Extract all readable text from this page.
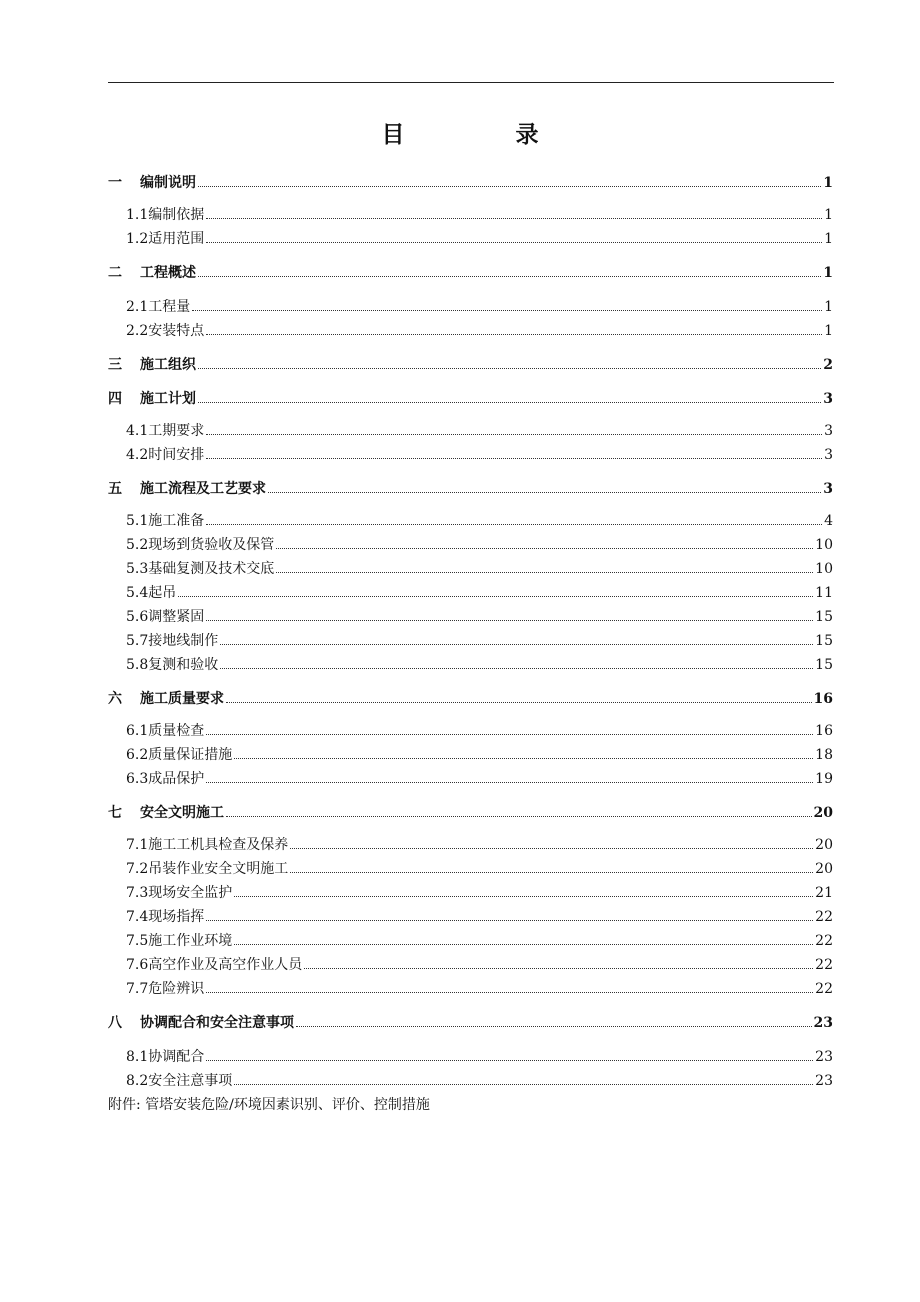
目　录
一	编制说明	1
1.1 编制依据	1
1.2 适用范围	1
二	工程概述	1
2.1 工程量	1
2.2 安装特点	1
三	施工组织	2
四	施工计划	3
4.1 工期要求	3
4.2 时间安排	3
五	施工流程及工艺要求	3
5.1 施工准备	4
5.2 现场到货验收及保管	10
5.3 基础复测及技术交底	10
5.4 起吊	11
5.6 调整紧固	15
5.7 接地线制作	15
5.8 复测和验收	15
六	施工质量要求	16
6.1 质量检查	16
6.2 质量保证措施	18
6.3 成品保护	19
七	安全文明施工	20
7.1 施工工机具检查及保养	20
7.2 吊装作业安全文明施工	20
7.3 现场安全监护	21
7.4 现场指挥	22
7.5 施工作业环境	22
7.6 高空作业及高空作业人员	22
7.7 危险辨识	22
八	协调配合和安全注意事项	23
8.1 协调配合	23
8.2 安全注意事项	23
附件: 管塔安装危险/环境因素识别、评价、控制措施
